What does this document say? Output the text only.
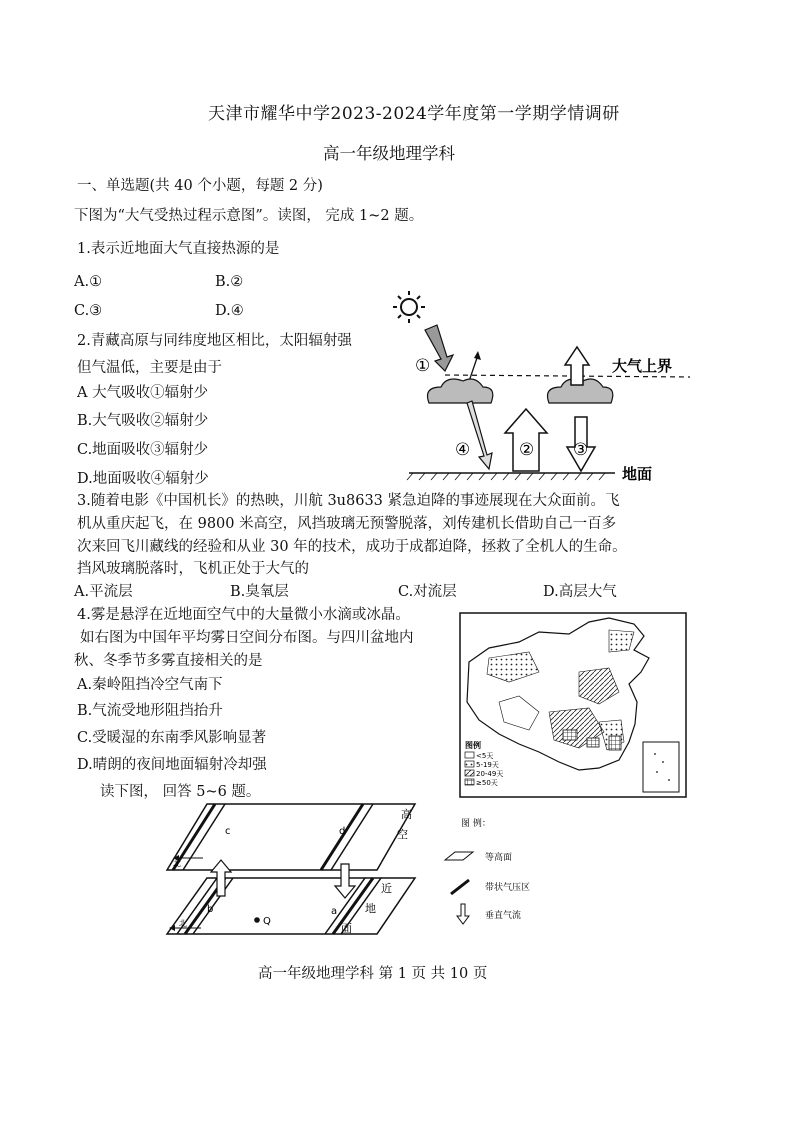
天津市耀华中学2023-2024学年度第一学期学情调研
高一年级地理学科
一、单选题(共 40 个小题，每题 2 分)
下图为“大气受热过程示意图”。读图， 完成 1~2 题。
1.表示近地面大气直接热源的是
A.①	B.②
C.③	D.④
2.青藏高原与同纬度地区相比，太阳辐射强
但气温低，主要是由于
A 大气吸收①辐射少
B.大气吸收②辐射少
C.地面吸收③辐射少
D.地面吸收④辐射少
①
④	② ③
大气上界
地面
3.随着电影《中国机长》的热映，川航 3u8633 紧急迫降的事迹展现在大众面前。飞
机从重庆起飞，在 9800 米高空，风挡玻璃无预警脱落，刘传建机长借助自己一百多
次来回飞川藏线的经验和从业 30 年的技术，成功于成都迫降，拯救了全机人的生命。
挡风玻璃脱落时，飞机正处于大气的
A.平流层	B.臭氧层	C.对流层	D.高层大气
4.雾是悬浮在近地面空气中的大量微小水滴或冰晶。
如右图为中国年平均雾日空间分布图。与四川盆地内
秋、冬季节多雾直接相关的是
A.秦岭阻挡冷空气南下
B.气流受地形阻挡抬升
C.受暖湿的东南季风影响显著
D.晴朗的夜间地面辐射冷却强
图例
<5天
5-19天
20-49天
≥50天
读下图， 回答 5~6 题。
c	d
北
高
空
b	a
Q
北
近
地
面
图 例：
等高面
带状气压区
垂直气流
高一年级地理学科 第 1 页 共 10 页
